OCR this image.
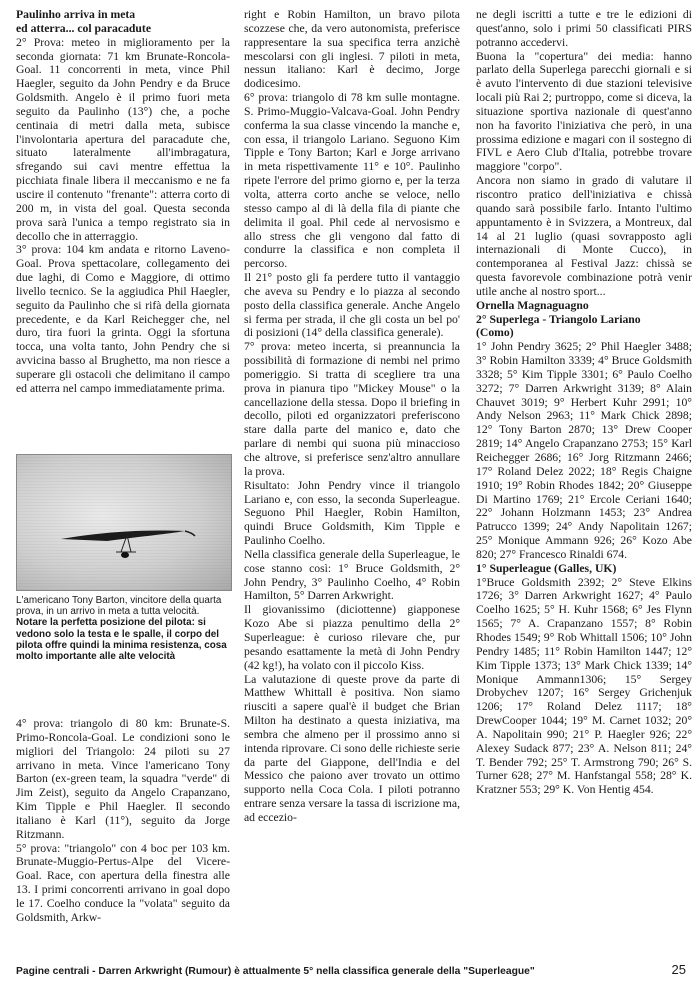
Paulinho arriva in meta
ed atterra... col paracadute

2° Prova: meteo in miglioramento per la seconda giornata: 71 km Brunate-Roncola-Goal. 11 concorrenti in meta, vince Phil Haegler, seguito da John Pendry e da Bruce Goldsmith. Angelo è il primo fuori meta seguito da Paulinho (13°) che, a poche centinaia di metri dalla meta, subisce l'involontaria apertura del paracadute che, situato lateralmente all'imbragatura, sfregando sui cavi mentre effettua la picchiata finale libera il meccanismo e ne fa uscire il contenuto "frenante": atterra corto di 200 m, in vista del goal. Questa seconda prova sarà l'unica a tempo registrato sia in decollo che in atterraggio.

3° prova: 104 km andata e ritorno Laveno-Goal. Prova spettacolare, collegamento dei due laghi, di Como e Maggiore, di ottimo livello tecnico. Se la aggiudica Phil Haegler, seguito da Paulinho che si rifà della giornata precedente, e da Karl Reichegger che, nel duro, tira fuori la grinta. Oggi la sfortuna tocca, una volta tanto, John Pendry che si avvicina basso al Brughetto, ma non riesce a superare gli ostacoli che delimitano il campo ed atterra nel campo immediatamente prima.

L'americano Tony Barton, vincitore della quarta prova, in un arrivo in meta a tutta velocità. Notare la perfetta posizione del pilota: si vedono solo la testa e le spalle, il corpo del pilota offre quindi la minima resistenza, cosa molto importante alle alte velocità

4° prova: triangolo di 80 km: Brunate-S. Primo-Roncola-Goal. Le condizioni sono le migliori del Triangolo: 24 piloti su 27 arrivano in meta. Vince l'americano Tony Barton (ex-green team, la squadra "verde" di Jim Zeist), seguito da Angelo Crapanzano, Kim Tipple e Phil Haegler. Il secondo italiano è Karl (11°), seguito da Jorge Ritzmann.

5° prova: "triangolo" con 4 boc per 103 km. Brunate-Muggio-Pertus-Alpe del Vicere-Goal. Race, con apertura della finestra alle 13. I primi concorrenti arrivano in goal dopo le 17. Coelho conduce la "volata" seguito da Goldsmith, Arkw-

right e Robin Hamilton, un bravo pilota scozzese che, da vero autonomista, preferisce rappresentare la sua specifica terra anzichè mescolarsi con gli inglesi. 7 piloti in meta, nessun italiano: Karl è decimo, Jorge dodicesimo.

6° prova: triangolo di 78 km sulle montagne. S. Primo-Muggio-Valcava-Goal. John Pendry conferma la sua classe vincendo la manche e, con essa, il triangolo Lariano. Seguono Kim Tipple e Tony Barton; Karl e Jorge arrivano in meta rispettivamente 11° e 10°. Paulinho ripete l'errore del primo giorno e, per la terza volta, atterra corto anche se veloce, nello stesso campo al di là della fila di piante che delimita il goal. Phil cede al nervosismo e allo stress che gli vengono dal fatto di condurre la classifica e non completa il percorso.

Il 21° posto gli fa perdere tutto il vantaggio che aveva su Pendry e lo piazza al secondo posto della classifica generale. Anche Angelo si ferma per strada, il che gli costa un bel po' di posizioni (14° della classifica generale).

7° prova: meteo incerta, si preannuncia la possibilità di formazione di nembi nel primo pomeriggio. Si tratta di scegliere tra una prova in pianura tipo "Mickey Mouse" o la cancellazione della stessa. Dopo il briefing in decollo, piloti ed organizzatori preferiscono stare dalla parte del manico e, dato che parlare di nembi qui suona più minaccioso che altrove, si preferisce senz'altro annullare la prova.

Risultato: John Pendry vince il triangolo Lariano e, con esso, la seconda Superleague. Seguono Phil Haegler, Robin Hamilton, quindi Bruce Goldsmith, Kim Tipple e Paulinho Coelho.

Nella classifica generale della Superleague, le cose stanno così: 1° Bruce Goldsmith, 2° John Pendry, 3° Paulinho Coelho, 4° Robin Hamilton, 5° Darren Arkwright.

Il giovanissimo (diciottenne) giapponese Kozo Abe si piazza penultimo della 2° Superleague: è curioso rilevare che, pur pesando esattamente la metà di John Pendry (42 kg!), ha volato con il piccolo Kiss.

La valutazione di queste prove da parte di Matthew Whittall è positiva. Non siamo riusciti a sapere qual'è il budget che Brian Milton ha destinato a questa iniziativa, ma sembra che almeno per il prossimo anno si intenda riprovare. Ci sono delle richieste serie da parte del Giappone, dell'India e del Messico che paiono aver trovato un ottimo supporto nella Coca Cola. I piloti potranno entrare senza versare la tassa di iscrizione ma, ad eccezio-

ne degli iscritti a tutte e tre le edizioni di quest'anno, solo i primi 50 classificati PIRS potranno accedervi.

Buona la "copertura" dei media: hanno parlato della Superlega parecchi giornali e si è avuto l'intervento di due stazioni televisive locali più Rai 2; purtroppo, come si diceva, la situazione sportiva nazionale di quest'anno non ha favorito l'iniziativa che però, in una prossima edizione e magari con il sostegno di FIVL e Aero Club d'Italia, potrebbe trovare maggiore "corpo".

Ancora non siamo in grado di valutare il riscontro pratico dell'iniziativa e chissà quando sarà possibile farlo. Intanto l'ultimo appuntamento è in Svizzera, a Montreux, dal 14 al 21 luglio (quasi sovrapposto agli internazionali di Monte Cucco), in contemporanea al Festival Jazz: chissà se questa favorevole combinazione potrà venir utile anche al nostro sport...

Ornella Magnaguagno

2° Superlega - Triangolo Lariano
(Como)

1° John Pendry 3625; 2° Phil Haegler 3488; 3° Robin Hamilton 3339; 4° Bruce Goldsmith 3328; 5° Kim Tipple 3301; 6° Paulo Coelho 3272; 7° Darren Arkwright 3139; 8° Alain Chauvet 3019; 9° Herbert Kuhr 2991; 10° Andy Nelson 2963; 11° Mark Chick 2898; 12° Tony Barton 2870; 13° Drew Cooper 2819; 14° Angelo Crapanzano 2753; 15° Karl Reichegger 2686; 16° Jorg Ritzmann 2466; 17° Roland Delez 2022; 18° Regis Chaigne 1910; 19° Robin Rhodes 1842; 20° Giuseppe Di Martino 1769; 21° Ercole Ceriani 1640; 22° Johann Holzmann 1453; 23° Andrea Patrucco 1399; 24° Andy Napolitain 1267; 25° Monique Ammann 926; 26° Kozo Abe 820; 27° Francesco Rinaldi 674.

1° Superleague (Galles, UK)

1°Bruce Goldsmith 2392; 2° Steve Elkins 1726; 3° Darren Arkwright 1627; 4° Paulo Coelho 1625; 5° H. Kuhr 1568; 6° Jes Flynn 1565; 7° A. Crapanzano 1557; 8° Robin Rhodes 1549; 9° Rob Whittall 1506; 10° John Pendry 1485; 11° Robin Hamilton 1447; 12° Kim Tipple 1373; 13° Mark Chick 1339; 14° Monique Ammann1306; 15° Sergey Drobychev 1207; 16° Sergey Grichenjuk 1206; 17° Roland Delez 1117; 18° DrewCooper 1044; 19° M. Carnet 1032; 20° A. Napolitain 990; 21° P. Haegler 926; 22° Alexey Sudack 877; 23° A. Nelson 811; 24° T. Bender 792; 25° T. Armstrong 790; 26° S. Turner 628; 27° M. Hanfstangal 558; 28° K. Kratzner 553; 29° K. Von Hentig 454.

Pagine centrali - Darren Arkwright (Rumour) è attualmente 5° nella classifica generale della "Superleague"	25
